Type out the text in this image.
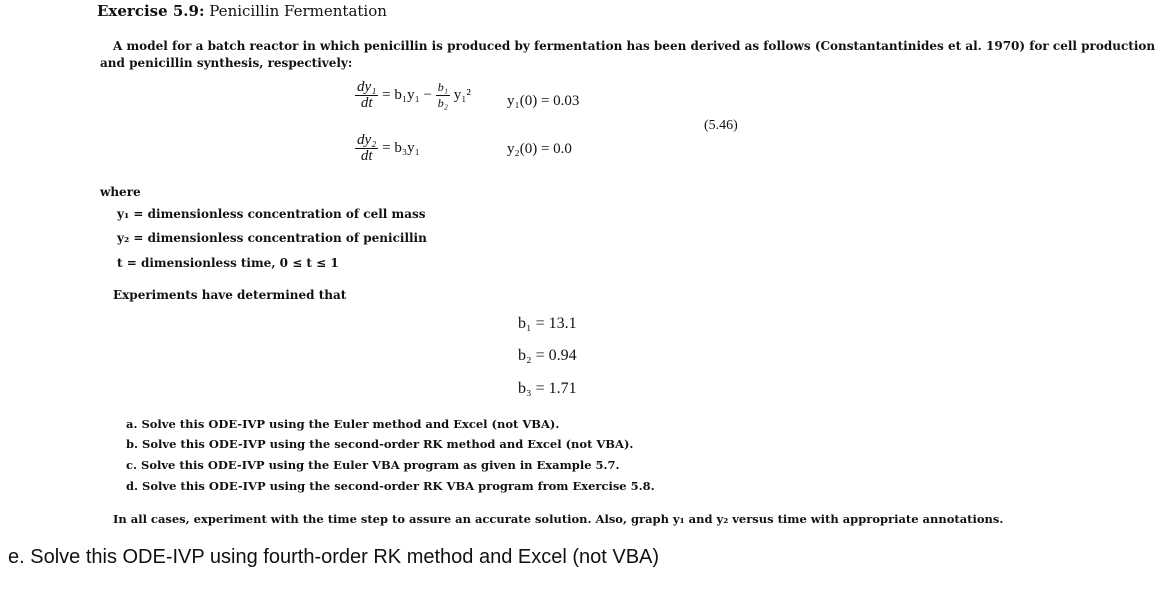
Exercise 5.9: Penicillin Fermentation
A model for a batch reactor in which penicillin is produced by fermentation has been derived as follows (Constantantinides et al. 1970) for cell production
and penicillin synthesis, respectively:
$\frac{\text{dy₁}}{dt} = b_1y_1 - \frac{\text{b₁}}{\text{b₂}} y_1^2$ y₁(0) = 0.03
$\frac{\text{dy₂}}{dt} = b_3y_1$	y₂(0) = 0.0
(5.46)
where
y₁ = dimensionless concentration of cell mass
y₂ = dimensionless concentration of penicillin
t = dimensionless time, 0 ≤ t ≤ 1
Experiments have determined that
b₁ = 13.1
b₂ = 0.94
b₃ = 1.71
a. Solve this ODE-IVP using the Euler method and Excel (not VBA).
b. Solve this ODE-IVP using the second-order RK method and Excel (not VBA).
c. Solve this ODE-IVP using the Euler VBA program as given in Example 5.7.
d. Solve this ODE-IVP using the second-order RK VBA program from Exercise 5.8.
In all cases, experiment with the time step to assure an accurate solution. Also, graph y₁ and y₂ versus time with appropriate annotations.
e. Solve this ODE-IVP using fourth-order RK method and Excel (not VBA)
